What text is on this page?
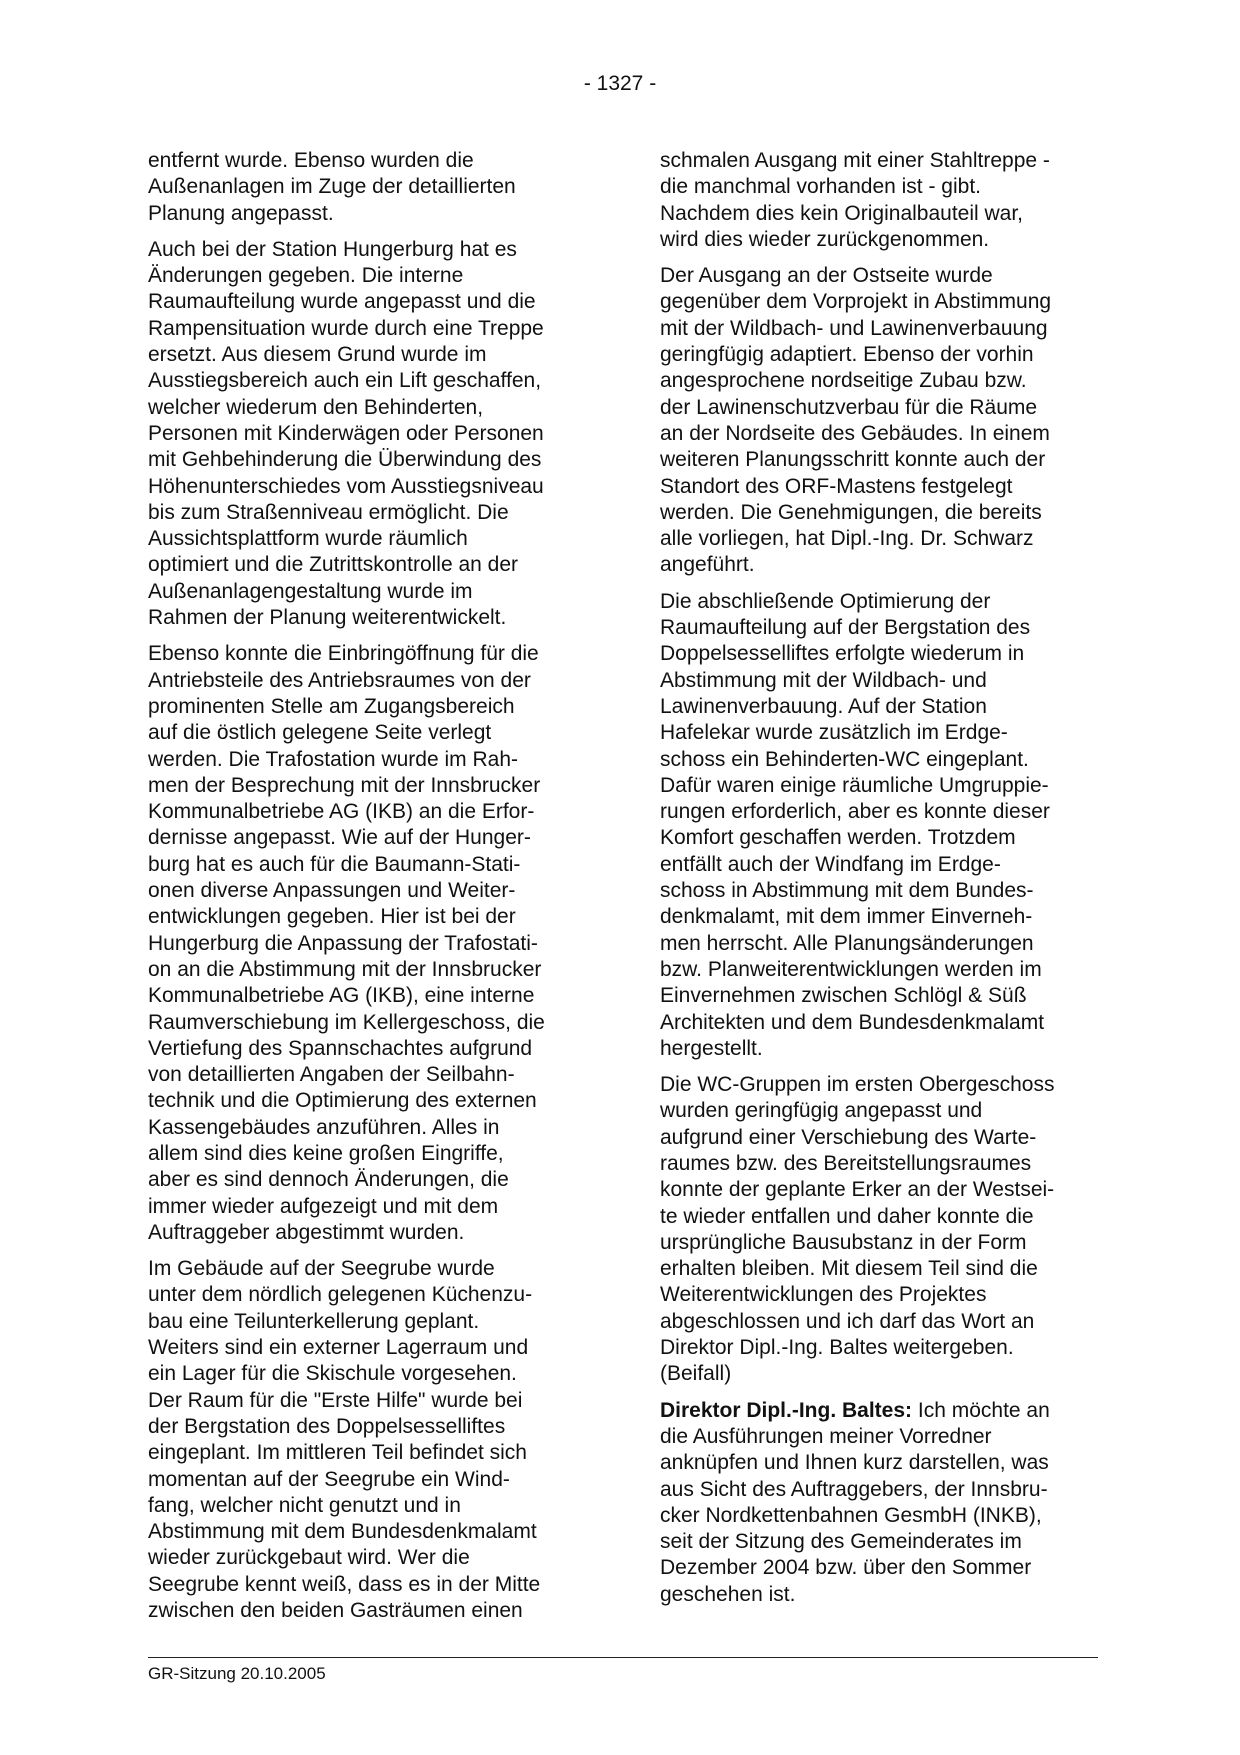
- 1327 -
entfernt wurde. Ebenso wurden die
Außenanlagen im Zuge der detaillierten
Planung angepasst.
Auch bei der Station Hungerburg hat es
Änderungen gegeben. Die interne
Raumaufteilung wurde angepasst und die
Rampensituation wurde durch eine Treppe
ersetzt. Aus diesem Grund wurde im
Ausstiegsbereich auch ein Lift geschaffen,
welcher wiederum den Behinderten,
Personen mit Kinderwägen oder Personen
mit Gehbehinderung die Überwindung des
Höhenunterschiedes vom Ausstiegsniveau
bis zum Straßenniveau ermöglicht. Die
Aussichtsplattform wurde räumlich
optimiert und die Zutrittskontrolle an der
Außenanlagengestaltung wurde im
Rahmen der Planung weiterentwickelt.
Ebenso konnte die Einbringöffnung für die
Antriebsteile des Antriebsraumes von der
prominenten Stelle am Zugangsbereich
auf die östlich gelegene Seite verlegt
werden. Die Trafostation wurde im Rah-
men der Besprechung mit der Innsbrucker
Kommunalbetriebe AG (IKB) an die Erfor-
dernisse angepasst. Wie auf der Hunger-
burg hat es auch für die Baumann-Stati-
onen diverse Anpassungen und Weiter-
entwicklungen gegeben. Hier ist bei der
Hungerburg die Anpassung der Trafostati-
on an die Abstimmung mit der Innsbrucker
Kommunalbetriebe AG (IKB), eine interne
Raumverschiebung im Kellergeschoss, die
Vertiefung des Spannschachtes aufgrund
von detaillierten Angaben der Seilbahn-
technik und die Optimierung des externen
Kassengebäudes anzuführen. Alles in
allem sind dies keine großen Eingriffe,
aber es sind dennoch Änderungen, die
immer wieder aufgezeigt und mit dem
Auftraggeber abgestimmt wurden.
Im Gebäude auf der Seegrube wurde
unter dem nördlich gelegenen Küchenzu-
bau eine Teilunterkellerung geplant.
Weiters sind ein externer Lagerraum und
ein Lager für die Skischule vorgesehen.
Der Raum für die "Erste Hilfe" wurde bei
der Bergstation des Doppelsesselliftes
eingeplant. Im mittleren Teil befindet sich
momentan auf der Seegrube ein Wind-
fang, welcher nicht genutzt und in
Abstimmung mit dem Bundesdenkmalamt
wieder zurückgebaut wird. Wer die
Seegrube kennt weiß, dass es in der Mitte
zwischen den beiden Gasträumen einen
schmalen Ausgang mit einer Stahltreppe -
die manchmal vorhanden ist - gibt.
Nachdem dies kein Originalbauteil war,
wird dies wieder zurückgenommen.
Der Ausgang an der Ostseite wurde
gegenüber dem Vorprojekt in Abstimmung
mit der Wildbach- und Lawinenverbauung
geringfügig adaptiert. Ebenso der vorhin
angesprochene nordseitige Zubau bzw.
der Lawinenschutzverbau für die Räume
an der Nordseite des Gebäudes. In einem
weiteren Planungsschritt konnte auch der
Standort des ORF-Mastens festgelegt
werden. Die Genehmigungen, die bereits
alle vorliegen, hat Dipl.-Ing. Dr. Schwarz
angeführt.
Die abschließende Optimierung der
Raumaufteilung auf der Bergstation des
Doppelsesselliftes erfolgte wiederum in
Abstimmung mit der Wildbach- und
Lawinenverbauung. Auf der Station
Hafelekar wurde zusätzlich im Erdge-
schoss ein Behinderten-WC eingeplant.
Dafür waren einige räumliche Umgruppie-
rungen erforderlich, aber es konnte dieser
Komfort geschaffen werden. Trotzdem
entfällt auch der Windfang im Erdge-
schoss in Abstimmung mit dem Bundes-
denkmalamt, mit dem immer Einverneh-
men herrscht. Alle Planungsänderungen
bzw. Planweiterentwicklungen werden im
Einvernehmen zwischen Schlögl & Süß
Architekten und dem Bundesdenkmalamt
hergestellt.
Die WC-Gruppen im ersten Obergeschoss
wurden geringfügig angepasst und
aufgrund einer Verschiebung des Warte-
raumes bzw. des Bereitstellungsraumes
konnte der geplante Erker an der Westsei-
te wieder entfallen und daher konnte die
ursprüngliche Bausubstanz in der Form
erhalten bleiben. Mit diesem Teil sind die
Weiterentwicklungen des Projektes
abgeschlossen und ich darf das Wort an
Direktor Dipl.-Ing. Baltes weitergeben.
(Beifall)
Direktor Dipl.-Ing. Baltes: Ich möchte an
die Ausführungen meiner Vorredner
anknüpfen und Ihnen kurz darstellen, was
aus Sicht des Auftraggebers, der Innsbru-
cker Nordkettenbahnen GesmbH (INKB),
seit der Sitzung des Gemeinderates im
Dezember 2004 bzw. über den Sommer
geschehen ist.
GR-Sitzung 20.10.2005
